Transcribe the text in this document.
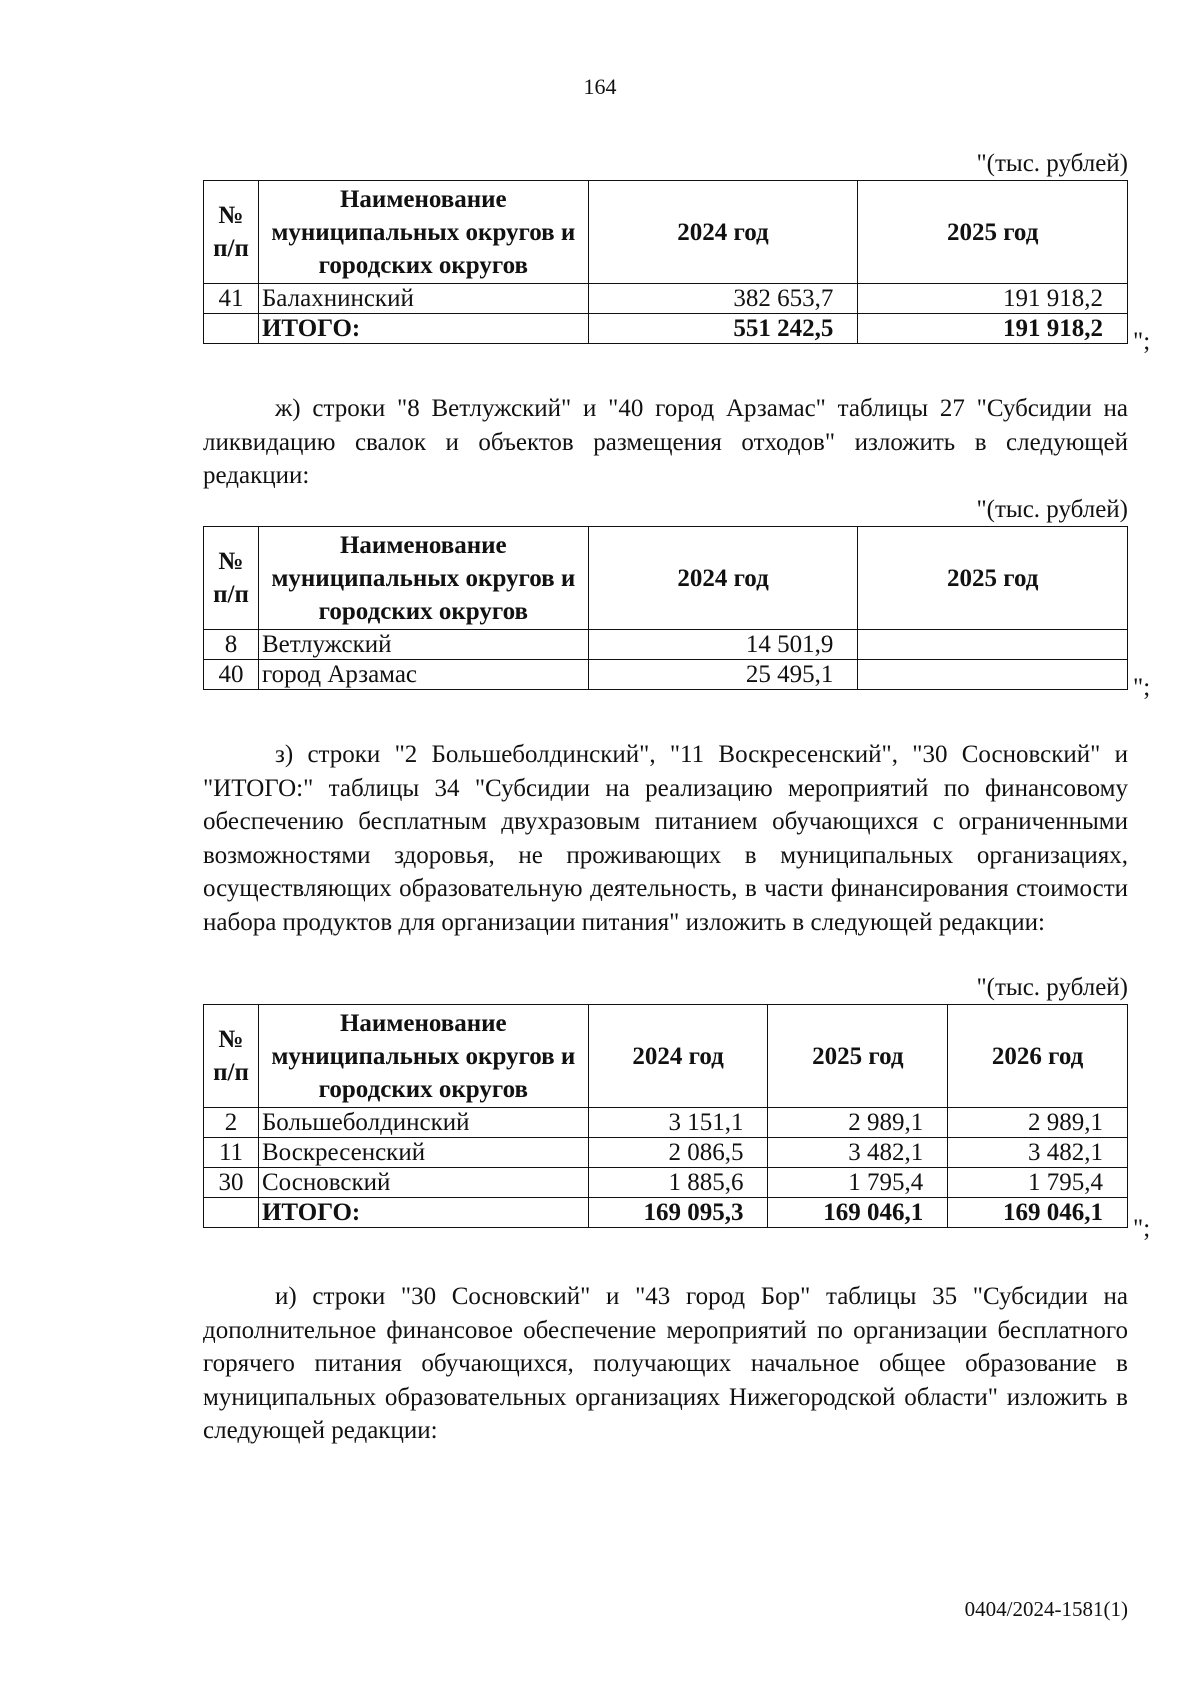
164
"(тыс. рублей)
№ п/п	Наименование муниципальных округов и городских округов	2024 год	2025 год
41	Балахнинский	382 653,7	191 918,2
	ИТОГО:	551 242,5	191 918,2 ";
ж) строки "8 Ветлужский" и "40 город Арзамас" таблицы 27 "Субсидии на ликвидацию свалок и объектов размещения отходов" изложить в следующей редакции:
"(тыс. рублей)
№ п/п	Наименование муниципальных округов и городских округов	2024 год	2025 год
8	Ветлужский	14 501,9	
40	город Арзамас	25 495,1		";
з) строки "2 Большеболдинский", "11 Воскресенский", "30 Сосновский" и "ИТОГО:" таблицы 34 "Субсидии на реализацию мероприятий по финансовому обеспечению бесплатным двухразовым питанием обучающихся с ограниченными возможностями здоровья, не проживающих в муниципальных организациях, осуществляющих образовательную деятельность, в части финансирования стоимости набора продуктов для организации питания" изложить в следующей редакции:
"(тыс. рублей)
№ п/п	Наименование муниципальных округов и городских округов	2024 год	2025 год	2026 год
2	Большеболдинский	3 151,1	2 989,1	2 989,1
11	Воскресенский	2 086,5	3 482,1	3 482,1
30	Сосновский	1 885,6	1 795,4	1 795,4
	ИТОГО:	169 095,3	169 046,1	169 046,1
";
и) строки "30 Сосновский" и "43 город Бор" таблицы 35 "Субсидии на дополнительное финансовое обеспечение мероприятий по организации бесплатного горячего питания обучающихся, получающих начальное общее образование в муниципальных образовательных организациях Нижегородской области" изложить в следующей редакции:
0404/2024-1581(1)
